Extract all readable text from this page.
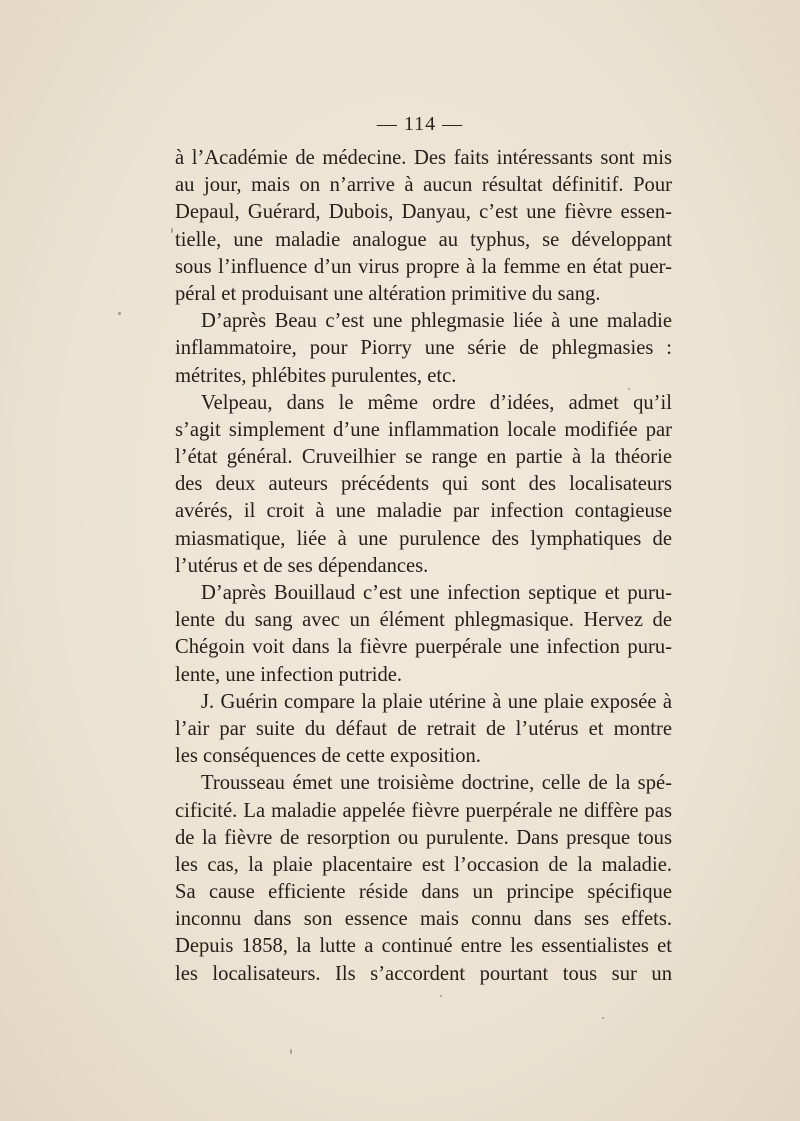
— 114 —
à l’Académie de médecine. Des faits intéressants sont mis
au jour, mais on n’arrive à aucun résultat définitif. Pour
Depaul, Guérard, Dubois, Danyau, c’est une fièvre essen-
tielle, une maladie analogue au typhus, se développant
sous l’influence d’un virus propre à la femme en état puer-
péral et produisant une altération primitive du sang.
D’après Beau c’est une phlegmasie liée à une maladie
inflammatoire, pour Piorry une série de phlegmasies :
métrites, phlébites purulentes, etc.
Velpeau, dans le même ordre d’idées, admet qu’il
s’agit simplement d’une inflammation locale modifiée par
l’état général. Cruveilhier se range en partie à la théorie
des deux auteurs précédents qui sont des localisateurs
avérés, il croit à une maladie par infection contagieuse
miasmatique, liée à une purulence des lymphatiques de
l’utérus et de ses dépendances.
D’après Bouillaud c’est une infection septique et puru-
lente du sang avec un élément phlegmasique. Hervez de
Chégoin voit dans la fièvre puerpérale une infection puru-
lente, une infection putride.
J. Guérin compare la plaie utérine à une plaie exposée à
l’air par suite du défaut de retrait de l’utérus et montre
les conséquences de cette exposition.
Trousseau émet une troisième doctrine, celle de la spé-
cificité. La maladie appelée fièvre puerpérale ne diffère pas
de la fièvre de resorption ou purulente. Dans presque tous
les cas, la plaie placentaire est l’occasion de la maladie.
Sa cause efficiente réside dans un principe spécifique
inconnu dans son essence mais connu dans ses effets.
Depuis 1858, la lutte a continué entre les essentialistes et
les localisateurs. Ils s’accordent pourtant tous sur un
